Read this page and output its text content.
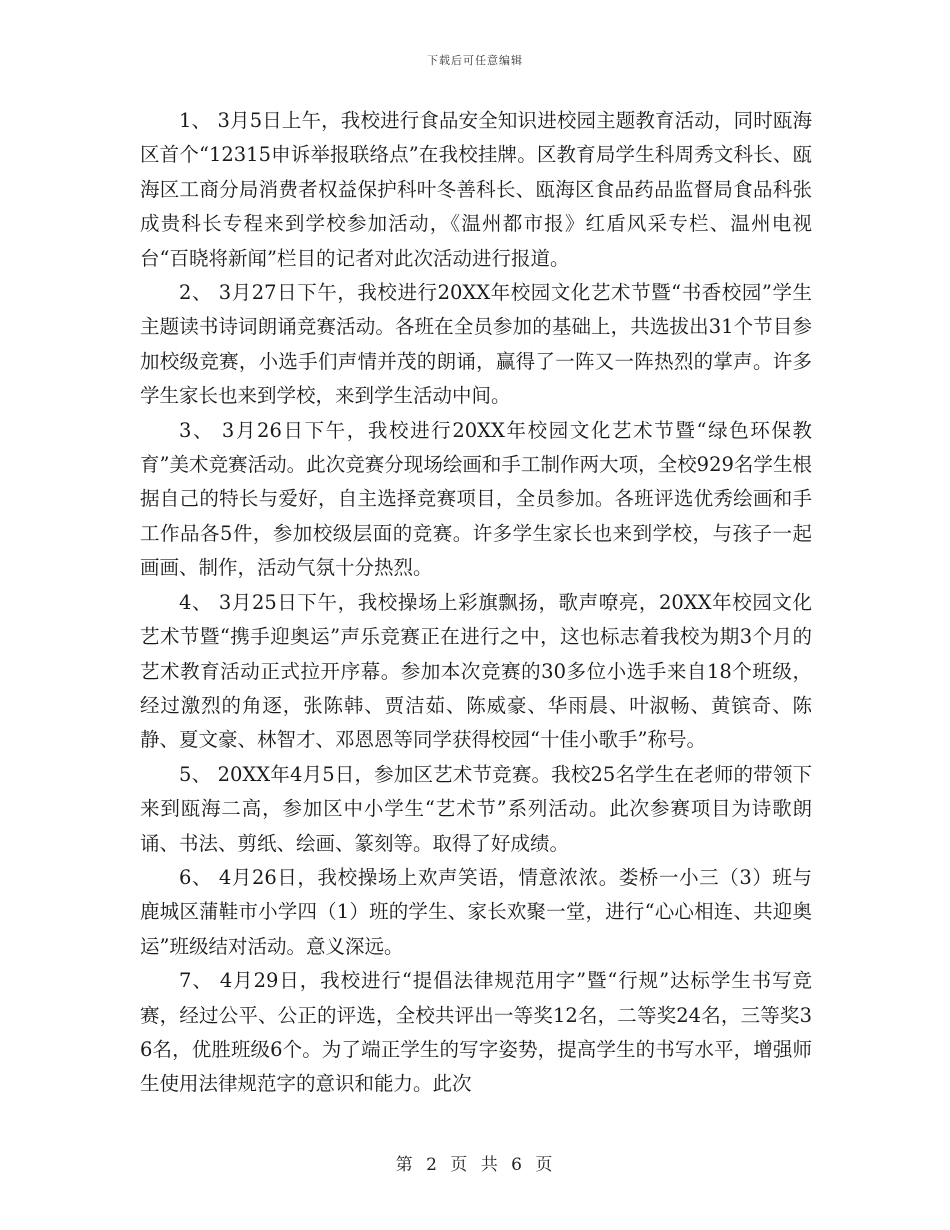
下载后可任意编辑

1、 3月5日上午，我校进行食品安全知识进校园主题教育活动，同时瓯海区首个“12315申诉举报联络点”在我校挂牌。区教育局学生科周秀文科长、瓯海区工商分局消费者权益保护科叶冬善科长、瓯海区食品药品监督局食品科张成贵科长专程来到学校参加活动，《温州都市报》红盾风采专栏、温州电视台“百晓将新闻”栏目的记者对此次活动进行报道。

2、 3月27日下午，我校进行20XX年校园文化艺术节暨“书香校园”学生主题读书诗词朗诵竞赛活动。各班在全员参加的基础上，共选拔出31个节目参加校级竞赛，小选手们声情并茂的朗诵，赢得了一阵又一阵热烈的掌声。许多学生家长也来到学校，来到学生活动中间。

3、 3月26日下午，我校进行20XX年校园文化艺术节暨“绿色环保教育”美术竞赛活动。此次竞赛分现场绘画和手工制作两大项，全校929名学生根据自己的特长与爱好，自主选择竞赛项目，全员参加。各班评选优秀绘画和手工作品各5件，参加校级层面的竞赛。许多学生家长也来到学校，与孩子一起画画、制作，活动气氛十分热烈。

4、 3月25日下午，我校操场上彩旗飘扬，歌声嘹亮，20XX年校园文化艺术节暨“携手迎奥运”声乐竞赛正在进行之中，这也标志着我校为期3个月的艺术教育活动正式拉开序幕。参加本次竞赛的30多位小选手来自18个班级，经过激烈的角逐，张陈韩、贾洁茹、陈威豪、华雨晨、叶淑畅、黄镔奇、陈静、夏文豪、林智才、邓恩恩等同学获得校园“十佳小歌手”称号。

5、 20XX年4月5日，参加区艺术节竞赛。我校25名学生在老师的带领下来到瓯海二高，参加区中小学生“艺术节”系列活动。此次参赛项目为诗歌朗诵、书法、剪纸、绘画、篆刻等。取得了好成绩。

6、 4月26日，我校操场上欢声笑语，情意浓浓。娄桥一小三（3）班与鹿城区蒲鞋市小学四（1）班的学生、家长欢聚一堂，进行“心心相连、共迎奥运”班级结对活动。意义深远。

7、 4月29日，我校进行“提倡法律规范用字”暨“行规”达标学生书写竞赛，经过公平、公正的评选，全校共评出一等奖12名，二等奖24名，三等奖36名，优胜班级6个。为了端正学生的写字姿势，提高学生的书写水平，增强师生使用法律规范字的意识和能力。此次

第 2 页 共 6 页
